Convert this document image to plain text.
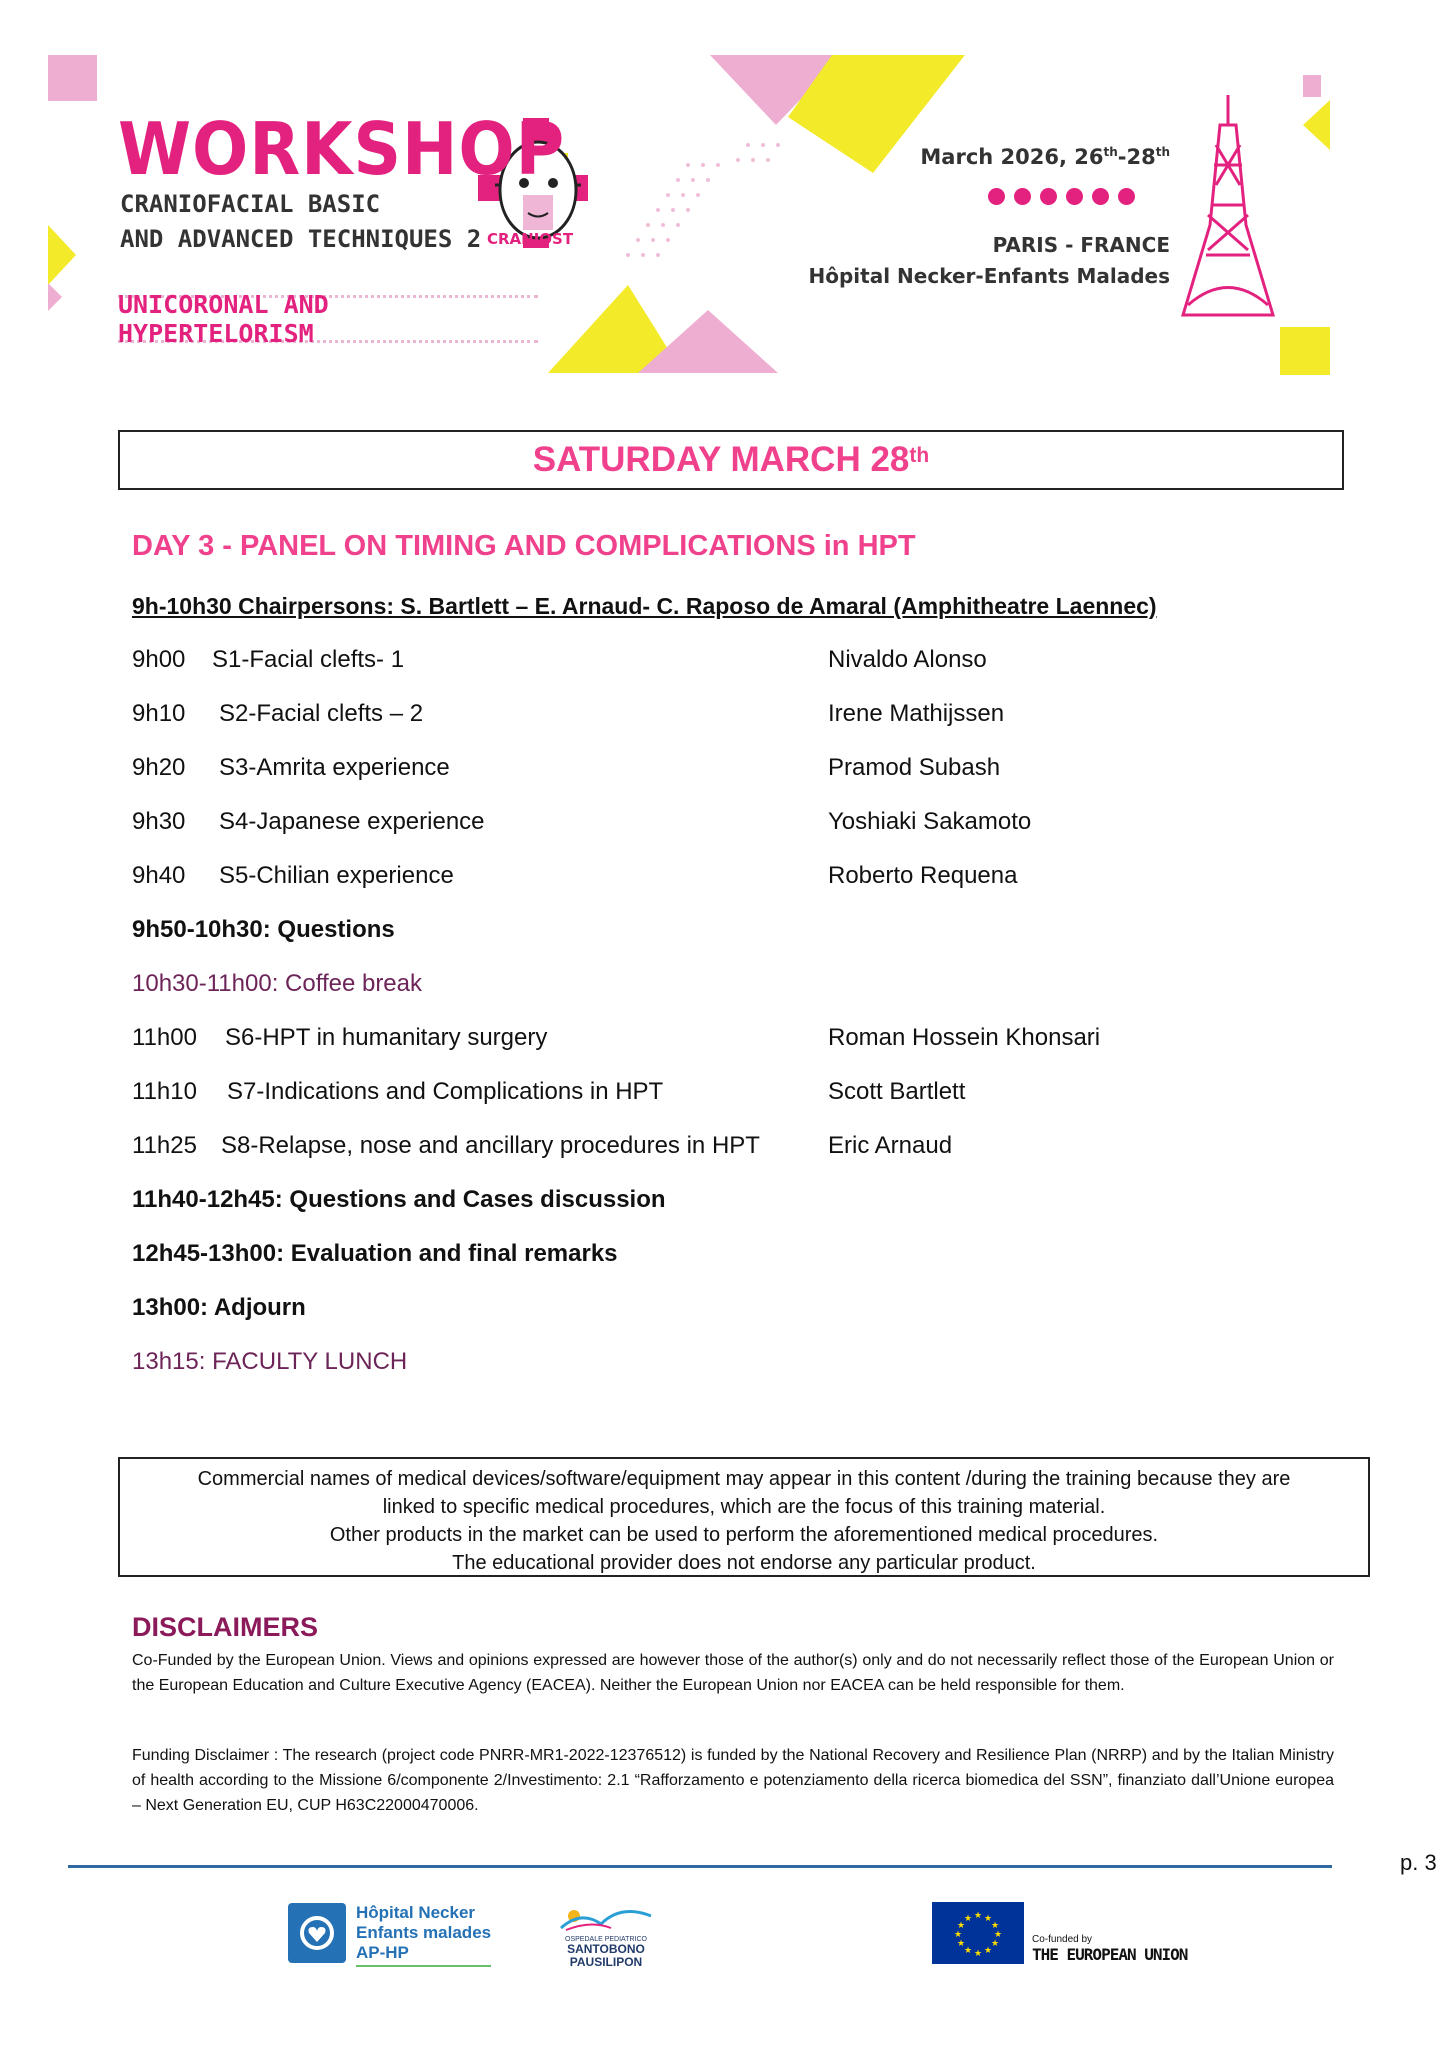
WORKSHOP
CRANIOFACIAL BASIC
AND ADVANCED TECHNIQUES 2 CRANIOST
UNICORONAL AND HYPERTELORISM
March 2026, 26th-28th
PARIS - FRANCE
Hôpital Necker-Enfants Malades
SATURDAY MARCH 28th
DAY 3 - PANEL ON TIMING AND COMPLICATIONS in HPT
9h-10h30 Chairpersons: S. Bartlett – E. Arnaud- C. Raposo de Amaral (Amphitheatre Laennec)
9h00 S1-Facial clefts- 1	Nivaldo Alonso
9h10 S2-Facial clefts – 2	Irene Mathijssen
9h20 S3-Amrita experience	Pramod Subash
9h30 S4-Japanese experience	Yoshiaki Sakamoto
9h40 S5-Chilian experience	Roberto Requena
9h50-10h30: Questions
10h30-11h00: Coffee break
11h00 S6-HPT in humanitary surgery	Roman Hossein Khonsari
11h10 S7-Indications and Complications in HPT	Scott Bartlett
11h25 S8-Relapse, nose and ancillary procedures in HPT	Eric Arnaud
11h40-12h45: Questions and Cases discussion
12h45-13h00: Evaluation and final remarks
13h00: Adjourn
13h15: FACULTY LUNCH
Commercial names of medical devices/software/equipment may appear in this content /during the training because they are
linked to specific medical procedures, which are the focus of this training material.
Other products in the market can be used to perform the aforementioned medical procedures.
The educational provider does not endorse any particular product.
DISCLAIMERS
Co-Funded by the European Union. Views and opinions expressed are however those of the author(s) only and do not necessarily reflect those of the European Union or the European Education and Culture Executive Agency (EACEA). Neither the European Union nor EACEA can be held responsible for them.
Funding Disclaimer : The research (project code PNRR-MR1-2022-12376512) is funded by the National Recovery and Resilience Plan (NRRP) and by the Italian Ministry of health according to the Missione 6/componente 2/Investimento: 2.1 “Rafforzamento e potenziamento della ricerca biomedica del SSN”, finanziato dall’Unione europea – Next Generation EU, CUP H63C22000470006.
p. 3
Hôpital Necker
Enfants malades
AP-HP
OSPEDALE PEDIATRICO
SANTOBONO
PAUSILIPON
★ ★
★
★
★
★
★
★
★
★
★
★
Co-funded by
THE EUROPEAN UNION
